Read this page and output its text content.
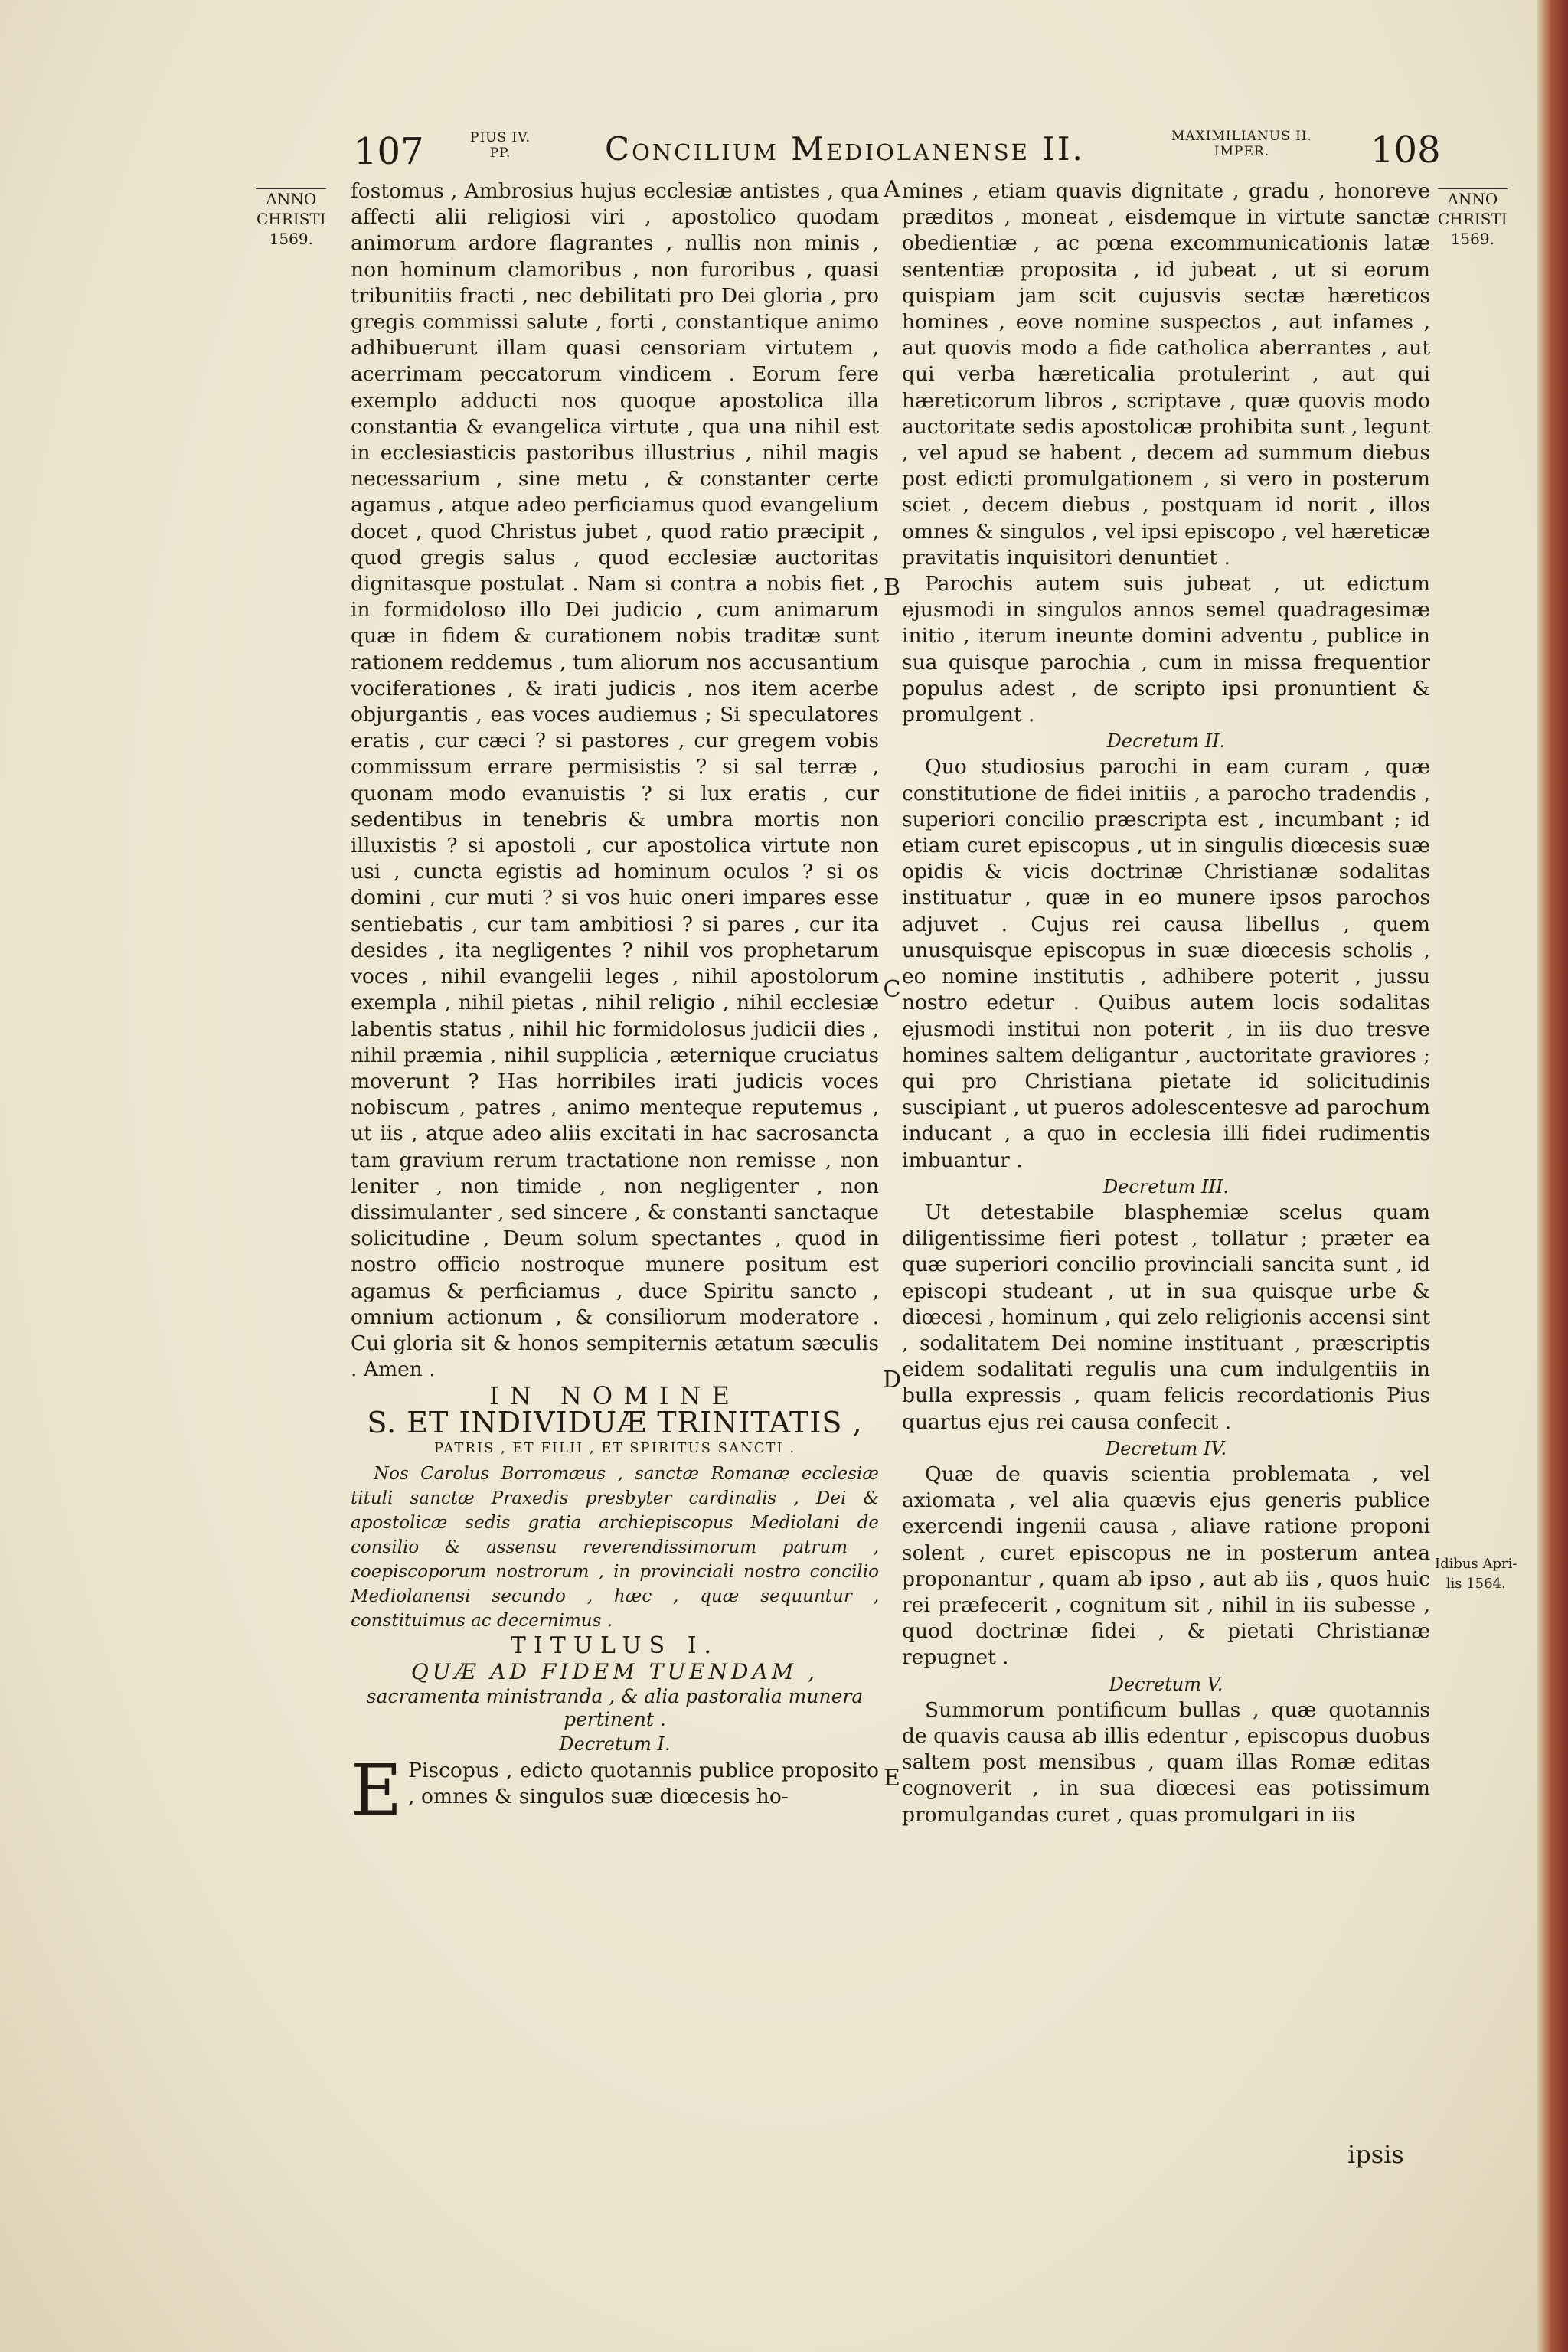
107	PIUS IV.
PP.	Concilium Mediolanense II.	MAXIMILIANUS II.
IMPER.	108
ANNO
CHRISTI
1569.
ANNO
CHRISTI
1569.
Idibus Apri-
lis 1564.
A
B
C
D
E

fostomus , Ambrosius hujus ecclesiæ antistes , qua affecti alii religiosi viri , apostolico quodam animorum ardore flagrantes , nullis non minis , non hominum clamoribus , non furoribus , quasi tribunitiis fracti , nec debilitati pro Dei gloria , pro gregis commissi salute , forti , constantique animo adhibuerunt illam quasi censoriam virtutem , acerrimam peccatorum vindicem . Eorum fere exemplo adducti nos quoque apostolica illa constantia & evangelica virtute , qua una nihil est in ecclesiasticis pastoribus illustrius , nihil magis necessarium , sine metu , & constanter certe agamus , atque adeo perficiamus quod evangelium docet , quod Christus jubet , quod ratio præcipit , quod gregis salus , quod ecclesiæ auctoritas dignitasque postulat . Nam si contra a nobis fiet , in formidoloso illo Dei judicio , cum animarum quæ in fidem & curationem nobis traditæ sunt rationem reddemus , tum aliorum nos accusantium vociferationes , & irati judicis , nos item acerbe objurgantis , eas voces audiemus ; Si speculatores eratis , cur cæci ? si pastores , cur gregem vobis commissum errare permisistis ? si sal terræ , quonam modo evanuistis ? si lux eratis , cur sedentibus in tenebris & umbra mortis non illuxistis ? si apostoli , cur apostolica virtute non usi , cuncta egistis ad hominum oculos ? si os domini , cur muti ? si vos huic oneri impares esse sentiebatis , cur tam ambitiosi ? si pares , cur ita desides , ita negligentes ? nihil vos prophetarum voces , nihil evangelii leges , nihil apostolorum exempla , nihil pietas , nihil religio , nihil ecclesiæ labentis status , nihil hic formidolosus judicii dies , nihil præmia , nihil supplicia , æternique cruciatus moverunt ? Has horribiles irati judicis voces nobiscum , patres , animo menteque reputemus , ut iis , atque adeo aliis excitati in hac sacrosancta tam gravium rerum tractatione non remisse , non leniter , non timide , non negligenter , non dissimulanter , sed sincere , & constanti sanctaque solicitudine , Deum solum spectantes , quod in nostro officio nostroque munere positum est agamus & perficiamus , duce Spiritu sancto , omnium actionum , & consiliorum moderatore . Cui gloria sit & honos sempiternis ætatum sæculis . Amen .

IN NOMINE

S. ET INDIVIDUÆ TRINITATIS ,

PATRIS , ET FILII , ET SPIRITUS SANCTI .

Nos Carolus Borromæus , sanctæ Romanæ ecclesiæ tituli sanctæ Praxedis presbyter cardinalis , Dei & apostolicæ sedis gratia archiepiscopus Mediolani de consilio & assensu reverendissimorum patrum , coepiscoporum nostrorum , in provinciali nostro concilio Mediolanensi secundo , hæc , quæ sequuntur , constituimus ac decernimus .

TITULUS I.

QUÆ AD FIDEM TUENDAM ,

sacramenta ministranda , & alia pastoralia munera pertinent .

Decretum I.

E Piscopus , edicto quotannis publice proposito , omnes & singulos suæ diœcesis ho-

mines , etiam quavis dignitate , gradu , honoreve præditos , moneat , eisdemque in virtute sanctæ obedientiæ , ac pœna excommunicationis latæ sententiæ proposita , id jubeat , ut si eorum quispiam jam scit cujusvis sectæ hæreticos homines , eove nomine suspectos , aut infames , aut quovis modo a fide catholica aberrantes , aut qui verba hæreticalia protulerint , aut qui hæreticorum libros , scriptave , quæ quovis modo auctoritate sedis apostolicæ prohibita sunt , legunt , vel apud se habent , decem ad summum diebus post edicti promulgationem , si vero in posterum sciet , decem diebus , postquam id norit , illos omnes & singulos , vel ipsi episcopo , vel hæreticæ pravitatis inquisitori denuntiet .

Parochis autem suis jubeat , ut edictum ejusmodi in singulos annos semel quadragesimæ initio , iterum ineunte domini adventu , publice in sua quisque parochia , cum in missa frequentior populus adest , de scripto ipsi pronuntient & promulgent .

Decretum II.

Quo studiosius parochi in eam curam , quæ constitutione de fidei initiis , a parocho tradendis , superiori concilio præscripta est , incumbant ; id etiam curet episcopus , ut in singulis diœcesis suæ opidis & vicis doctrinæ Christianæ sodalitas instituatur , quæ in eo munere ipsos parochos adjuvet . Cujus rei causa libellus , quem unusquisque episcopus in suæ diœcesis scholis , eo nomine institutis , adhibere poterit , jussu nostro edetur . Quibus autem locis sodalitas ejusmodi institui non poterit , in iis duo tresve homines saltem deligantur , auctoritate graviores ; qui pro Christiana pietate id solicitudinis suscipiant , ut pueros adolescentesve ad parochum inducant , a quo in ecclesia illi fidei rudimentis imbuantur .

Decretum III.

Ut detestabile blasphemiæ scelus quam diligentissime fieri potest , tollatur ; præter ea quæ superiori concilio provinciali sancita sunt , id episcopi studeant , ut in sua quisque urbe & diœcesi , hominum , qui zelo religionis accensi sint , sodalitatem Dei nomine instituant , præscriptis eidem sodalitati regulis una cum indulgentiis in bulla expressis , quam felicis recordationis Pius quartus ejus rei causa confecit .

Decretum IV.

Quæ de quavis scientia problemata , vel axiomata , vel alia quævis ejus generis publice exercendi ingenii causa , aliave ratione proponi solent , curet episcopus ne in posterum antea proponantur , quam ab ipso , aut ab iis , quos huic rei præfecerit , cognitum sit , nihil in iis subesse , quod doctrinæ fidei , & pietati Christianæ repugnet .

Decretum V.

Summorum pontificum bullas , quæ quotannis de quavis causa ab illis edentur , episcopus duobus saltem post mensibus , quam illas Romæ editas cognoverit , in sua diœcesi eas potissimum promulgandas curet , quas promulgari in iis

ipsis
